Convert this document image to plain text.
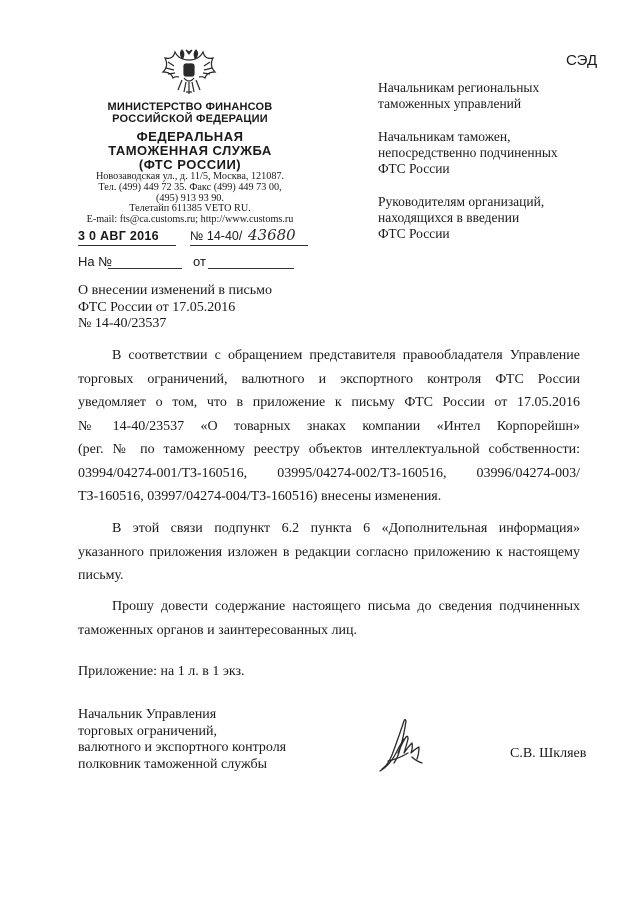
СЭД
МИНИСТЕРСТВО ФИНАНСОВ
РОССИЙСКОЙ ФЕДЕРАЦИИ
ФЕДЕРАЛЬНАЯ
ТАМОЖЕННАЯ СЛУЖБА
(ФТС РОССИИ)
Новозаводская ул., д. 11/5, Москва, 121087.
Тел. (499) 449 72 35. Факс (499) 449 73 00,
(495) 913 93 90.
Телетайп 611385 VETO RU.
E-mail: fts@ca.customs.ru; http://www.customs.ru
3 0 АВГ 2016 № 14-40/ 43680
На №	от
Начальникам региональных
таможенных управлений
Начальникам таможен,
непосредственно подчиненных
ФТС России
Руководителям организаций,
находящихся в введении
ФТС России
О внесении изменений в письмо
ФТС России от 17.05.2016
№ 14-40/23537

В соответствии с обращением представителя правообладателя Управление

торговых ограничений, валютного и экспортного контроля ФТС России

уведомляет о том, что в приложение к письму ФТС России от 17.05.2016

№ 14-40/23537 «О товарных знаках компании «Интел Корпорейшн»

(рег. № по таможенному реестру объектов интеллектуальной собственности:

03994/04274-001/ТЗ-160516, 03995/04274-002/ТЗ-160516, 03996/04274-003/

ТЗ-160516, 03997/04274-004/ТЗ-160516) внесены изменения.

В этой связи подпункт 6.2 пункта 6 «Дополнительная информация»

указанного приложения изложен в редакции согласно приложению к настоящему

письму.

Прошу довести содержание настоящего письма до сведения подчиненных

таможенных органов и заинтересованных лиц.

Приложение: на 1 л. в 1 экз.
Начальник Управления
торговых ограничений,
валютного и экспортного контроля
полковник таможенной службы
С.В. Шкляев
